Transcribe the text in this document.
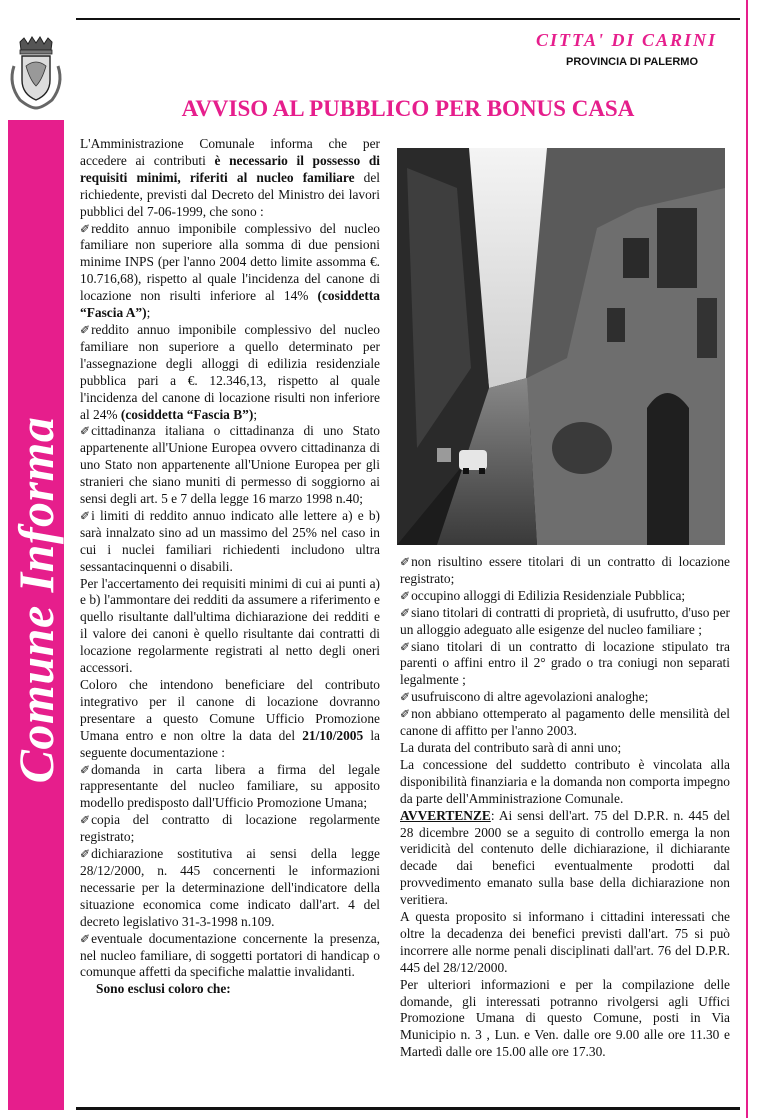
CITTA' DI CARINI
PROVINCIA DI PALERMO
AVVISO AL PUBBLICO PER BONUS CASA
Comune Informa

L'Amministrazione Comunale informa che per accedere ai contributi è necessario il possesso di requisiti minimi, riferiti al nucleo familiare del richiedente, previsti dal Decreto del Ministro dei lavori pubblici del 7-06-1999, che sono :

✐reddito annuo imponibile complessivo del nucleo familiare non superiore alla somma di due pensioni minime INPS (per l'anno 2004 detto limite assomma €. 10.716,68), rispetto al quale l'incidenza del canone di locazione non risulti inferiore al 14% (cosiddetta “Fascia A”);

✐reddito annuo imponibile complessivo del nucleo familiare non superiore a quello determinato per l'assegnazione degli alloggi di edilizia residenziale pubblica pari a €. 12.346,13, rispetto al quale l'incidenza del canone di locazione risulti non inferiore al 24% (cosiddetta “Fascia B”);

✐cittadinanza italiana o cittadinanza di uno Stato appartenente all'Unione Europea ovvero cittadinanza di uno Stato non appartenente all'Unione Europea per gli stranieri che siano muniti di permesso di soggiorno ai sensi degli art. 5 e 7 della legge 16 marzo 1998 n.40;

✐i limiti di reddito annuo indicato alle lettere a) e b) sarà innalzato sino ad un massimo del 25% nel caso in cui i nuclei familiari richiedenti includono ultra sessantacinquenni o disabili.

Per l'accertamento dei requisiti minimi di cui ai punti a) e b) l'ammontare dei redditi da assumere a riferimento e quello risultante dall'ultima dichiarazione dei redditi e il valore dei canoni è quello risultante dai contratti di locazione regolarmente registrati al netto degli oneri accessori.

Coloro che intendono beneficiare del contributo integrativo per il canone di locazione dovranno presentare a questo Comune Ufficio Promozione Umana entro e non oltre la data del 21/10/2005 la seguente documentazione :

✐domanda in carta libera a firma del legale rappresentante del nucleo familiare, su apposito modello predisposto dall'Ufficio Promozione Umana;

✐copia del contratto di locazione regolarmente registrato;

✐dichiarazione sostitutiva ai sensi della legge 28/12/2000, n. 445 concernenti le informazioni necessarie per la determinazione dell'indicatore della situazione economica come indicato dall'art. 4 del decreto legislativo 31-3-1998 n.109.

✐eventuale documentazione concernente la presenza, nel nucleo familiare, di soggetti portatori di handicap o comunque affetti da specifiche malattie invalidanti.

Sono esclusi coloro che:

✐non risultino essere titolari di un contratto di locazione registrato;

✐occupino alloggi di Edilizia Residenziale Pubblica;

✐siano titolari di contratti di proprietà, di usufrutto, d'uso per un alloggio adeguato alle esigenze del nucleo familiare ;

✐siano titolari di un contratto di locazione stipulato tra parenti o affini entro il 2° grado o tra coniugi non separati legalmente ;

✐usufruiscono di altre agevolazioni analoghe;

✐non abbiano ottemperato al pagamento delle mensilità del canone di affitto per l'anno 2003.

La durata del contributo sarà di anni uno;

La concessione del suddetto contributo è vincolata alla disponibilità finanziaria e la domanda non comporta impegno da parte dell'Amministrazione Comunale.

AVVERTENZE: Ai sensi dell'art. 75 del D.P.R. n. 445 del 28 dicembre 2000 se a seguito di controllo emerga la non veridicità del contenuto delle dichiarazione, il dichiarante decade dai benefici eventualmente prodotti dal provvedimento emanato sulla base della dichiarazione non veritiera.

A questa proposito si informano i cittadini interessati che oltre la decadenza dei benefici previsti dall'art. 75 si può incorrere alle norme penali disciplinati dall'art. 76 del D.P.R. 445 del 28/12/2000.

Per ulteriori informazioni e per la compilazione delle domande, gli interessati potranno rivolgersi agli Uffici Promozione Umana di questo Comune, posti in Via Municipio n. 3 , Lun. e Ven. dalle ore 9.00 alle ore 11.30 e Martedì dalle ore 15.00 alle ore 17.30.
